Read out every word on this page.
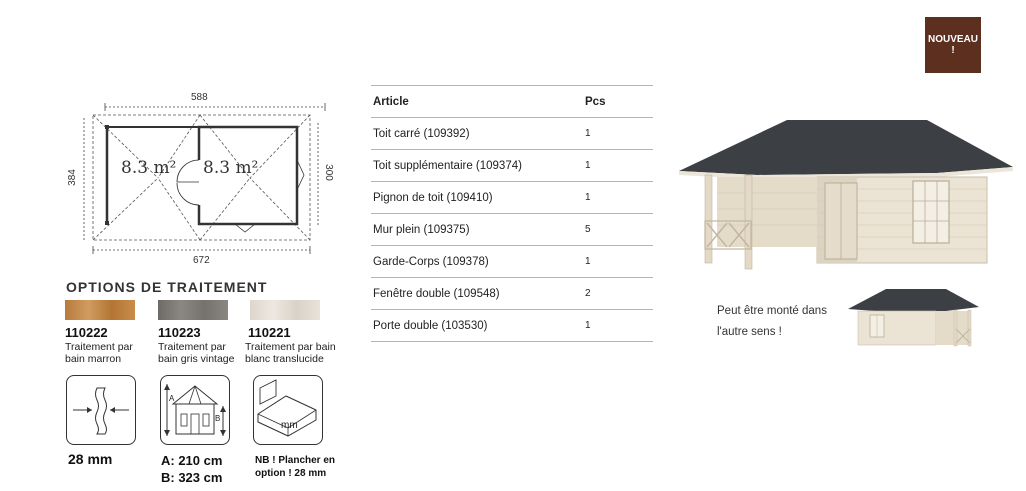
588
672
384	300
8.3 m² 8.3 m²
OPTIONS DE TRAITEMENT
110222	110223	110221
Traitement par
bain marron
Traitement par
bain gris vintage
Traitement par bain
blanc translucide
A
B
mm
28 mm	A: 210 cm
B: 323 cm
NB ! Plancher en
option ! 28 mm
Article	Pcs
Toit carré (109392)	1
Toit supplémentaire (109374)	1
Pignon de toit (109410)	1
Mur plein (109375)	5
Garde-Corps (109378)	1
Fenêtre double (109548)	2
Porte double (103530)	1
NOUVEAU !
Peut être monté dans
l'autre sens !
